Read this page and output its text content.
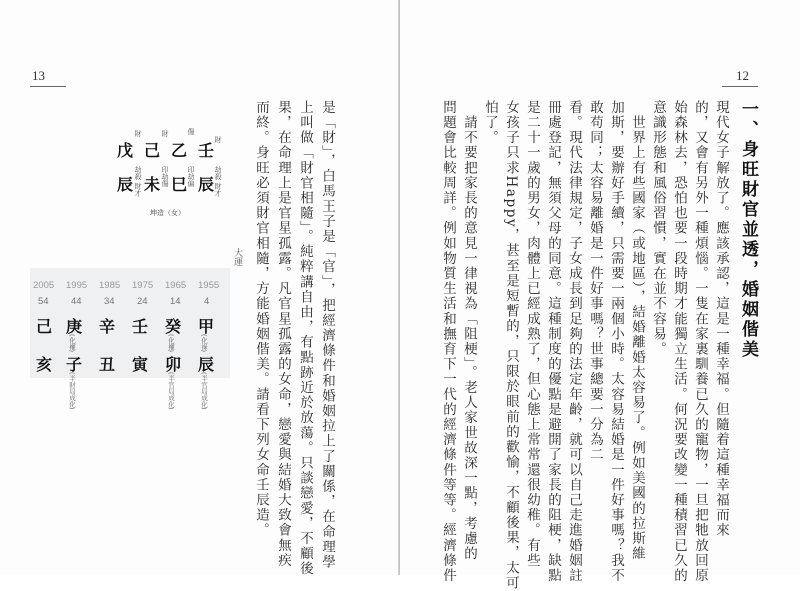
13
是「財」，白馬王子是「官」，把經濟條件和婚姻拉上了關係，在命理學
上叫做「財官相隨」。純粹講自由，有點跡近於放蕩。只談戀愛，不顧後
果，在命理上是官星孤露。凡官星孤露的女命，戀愛與結婚大致會無疾
而終。身旺必須財官相隨，方能婚姻偕美。請看下列女命壬辰造。
壬
乙
己
戊
財
傷
財
財
辰
巳
未
辰	劫殺 財才
印劫偏
印劫傷
劫殺 財才
坤造（女）
大運
1955
1965
1975
1985
1995
2005
4
14
24
34
44
54
甲
癸
壬
辛
庚
己
(化祿)
(化權)
(化權)
辰
卯
寅
丑
子
亥
(半官局成化)
(半官局成化)
(半財局成化)
12
一、身旺財官並透，婚姻偕美
現代女子解放了。應該承認，這是一種幸福。但隨着這種幸福而來
的，又會有另外一種煩惱。一隻在家裏馴養已久的寵物，一旦把牠放回原
始森林去，恐怕也要一段時期才能獨立生活。何況要改變一種積習已久的
意識形態和風俗習慣，實在並不容易。
　世界上有些國家（或地區），結婚離婚太容易了。例如美國的拉斯維
加斯，要辦好手續，只需要一兩個小時。太容易結婚是一件好事嗎？我不
敢苟同；太容易離婚是一件好事嗎？世事總要一分為二
看。現代法律規定，子女成長到足夠的法定年齡，就可以自己走進婚姻註
冊處登記，無須父母的同意。這種制度的優點是避開了家長的阻梗，缺點
是二十一歲的男女，肉體上已經成熟了，但心態上常常還很幼稚。有些
女孩子只求Happy，甚至是短暫的，只限於眼前的歡愉，不顧後果，太可
怕了。
　請不要把家長的意見一律視為「阻梗」。老人家世故深一點，考慮的
問題會比較周詳。例如物質生活和撫育下一代的經濟條件等等。經濟條件
